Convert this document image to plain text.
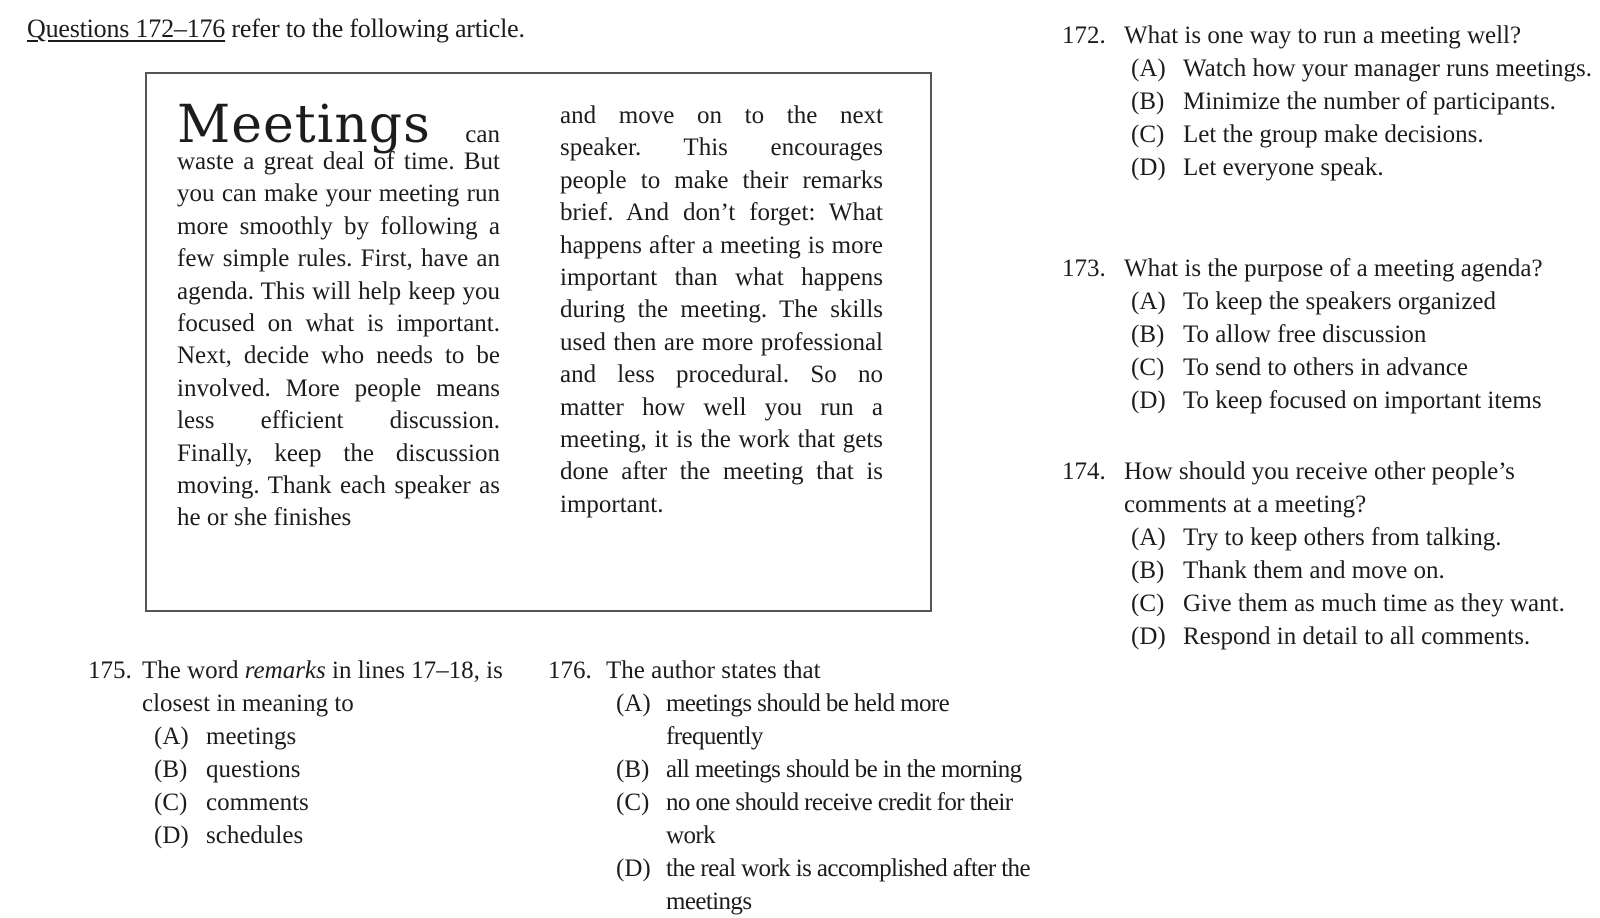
Questions 172–176 refer to the following article.
Meetings can
waste a great deal of time. But you can make your meeting run more smoothly by following a few simple rules. First, have an agenda. This will help keep you focused on what is important. Next, decide who needs to be involved. More people means less efficient discussion. Finally, keep the discussion moving. Thank each speaker as he or she finishes
and move on to the next speaker. This encourages people to make their remarks brief. And don’t forget: What happens after a meeting is more important than what happens during the meeting. The skills used then are more professional and less procedural. So no matter how well you run a meeting, it is the work that gets done after the meeting that is important.
172. What is one way to run a meeting well?
(A) Watch how your manager runs meetings.
(B) Minimize the number of participants.
(C) Let the group make decisions.
(D) Let everyone speak.
173. What is the purpose of a meeting agenda?
(A) To keep the speakers organized
(B) To allow free discussion
(C) To send to others in advance
(D) To keep focused on important items
174. How should you receive other people’s comments at a meeting?
(A) Try to keep others from talking.
(B) Thank them and move on.
(C) Give them as much time as they want.
(D) Respond in detail to all comments.
175. The word remarks in lines 17–18, is closest in meaning to
(A) meetings
(B) questions
(C) comments
(D) schedules
176. The author states that
(A) meetings should be held more frequently
(B) all meetings should be in the morning
(C) no one should receive credit for their work
(D) the real work is accomplished after the meetings
